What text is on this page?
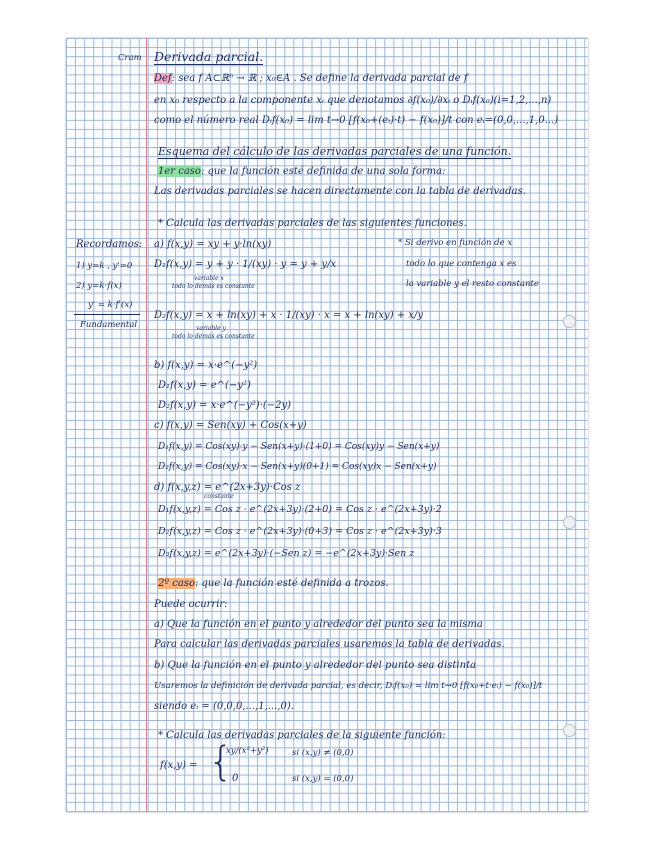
Cram Derivada parcial.
Def: sea f A⊂ℝⁿ → ℝ ; x₀∈A . Se define la derivada parcial de f
en x₀ respecto a la componente xᵢ que denotamos ∂f(x₀)/∂xᵢ o Dᵢf(x₀)(i=1,2,...,n)
como el número real Dᵢf(x₀) = lim t→0 [f(x₀+(eᵢ)·t) − f(x₀)]/t con eᵢ=(0,0,...,1,0...)
Esquema del cálculo de las derivadas parciales de una función.
1er caso: que la función esté definida de una sola forma:
Las derivadas parciales se hacen directamente con la tabla de derivadas.
Recordamos:
1) y=k , y'=0
2) y=k·f(x)
y' = k·f'(x)
Fundamental
* Calcula las derivadas parciales de las siguientes funciones.
a) f(x,y) = xy + y·ln(xy)	* Si derivo en función de x
todo lo que contenga x es
la variable y el resto constante
D₁f(x,y) = y + y · 1/(xy) · y = y + y/x
variable x
todo lo demás es constante
D₂f(x,y) = x + ln(xy) + x · 1/(xy) · x = x + ln(xy) + x/y
variable y
todo lo demás es constante
b) f(x,y) = x·e^(−y²)
D₁f(x,y) = e^(−y²)
D₂f(x,y) = x·e^(−y²)·(−2y)
c) f(x,y) = Sen(xy) + Cos(x+y)
D₁f(x,y) = Cos(xy)·y − Sen(x+y)·(1+0) = Cos(xy)y − Sen(x+y)
D₂f(x,y) = Cos(xy)·x − Sen(x+y)(0+1) = Cos(xy)x − Sen(x+y)
d) f(x,y,z) = e^(2x+3y)·Cos z
constante
D₁f(x,y,z) = Cos z · e^(2x+3y)·(2+0) = Cos z · e^(2x+3y)·2
D₂f(x,y,z) = Cos z · e^(2x+3y)·(0+3) = Cos z · e^(2x+3y)·3
D₃f(x,y,z) = e^(2x+3y)·(−Sen z) = −e^(2x+3y)·Sen z
2º caso: que la función esté definida a trozos.
Puede ocurrir:
a) Que la función en el punto y alrededor del punto sea la misma
Para calcular las derivadas parciales usaremos la tabla de derivadas.
b) Que la función en el punto y alrededor del punto sea distinta
Usaremos la definición de derivada parcial, es decir, Dᵢf(x₀) = lim t→0 [f(x₀+t·eᵢ) − f(x₀)]/t
siendo eᵢ = (0,0,0,...,1,...,0).
* Calcula las derivadas parciales de la siguiente función:
f(x,y) = {
xy/(x²+y²)	si (x,y) ≠ (0,0)
0	si (x,y) = (0,0)
